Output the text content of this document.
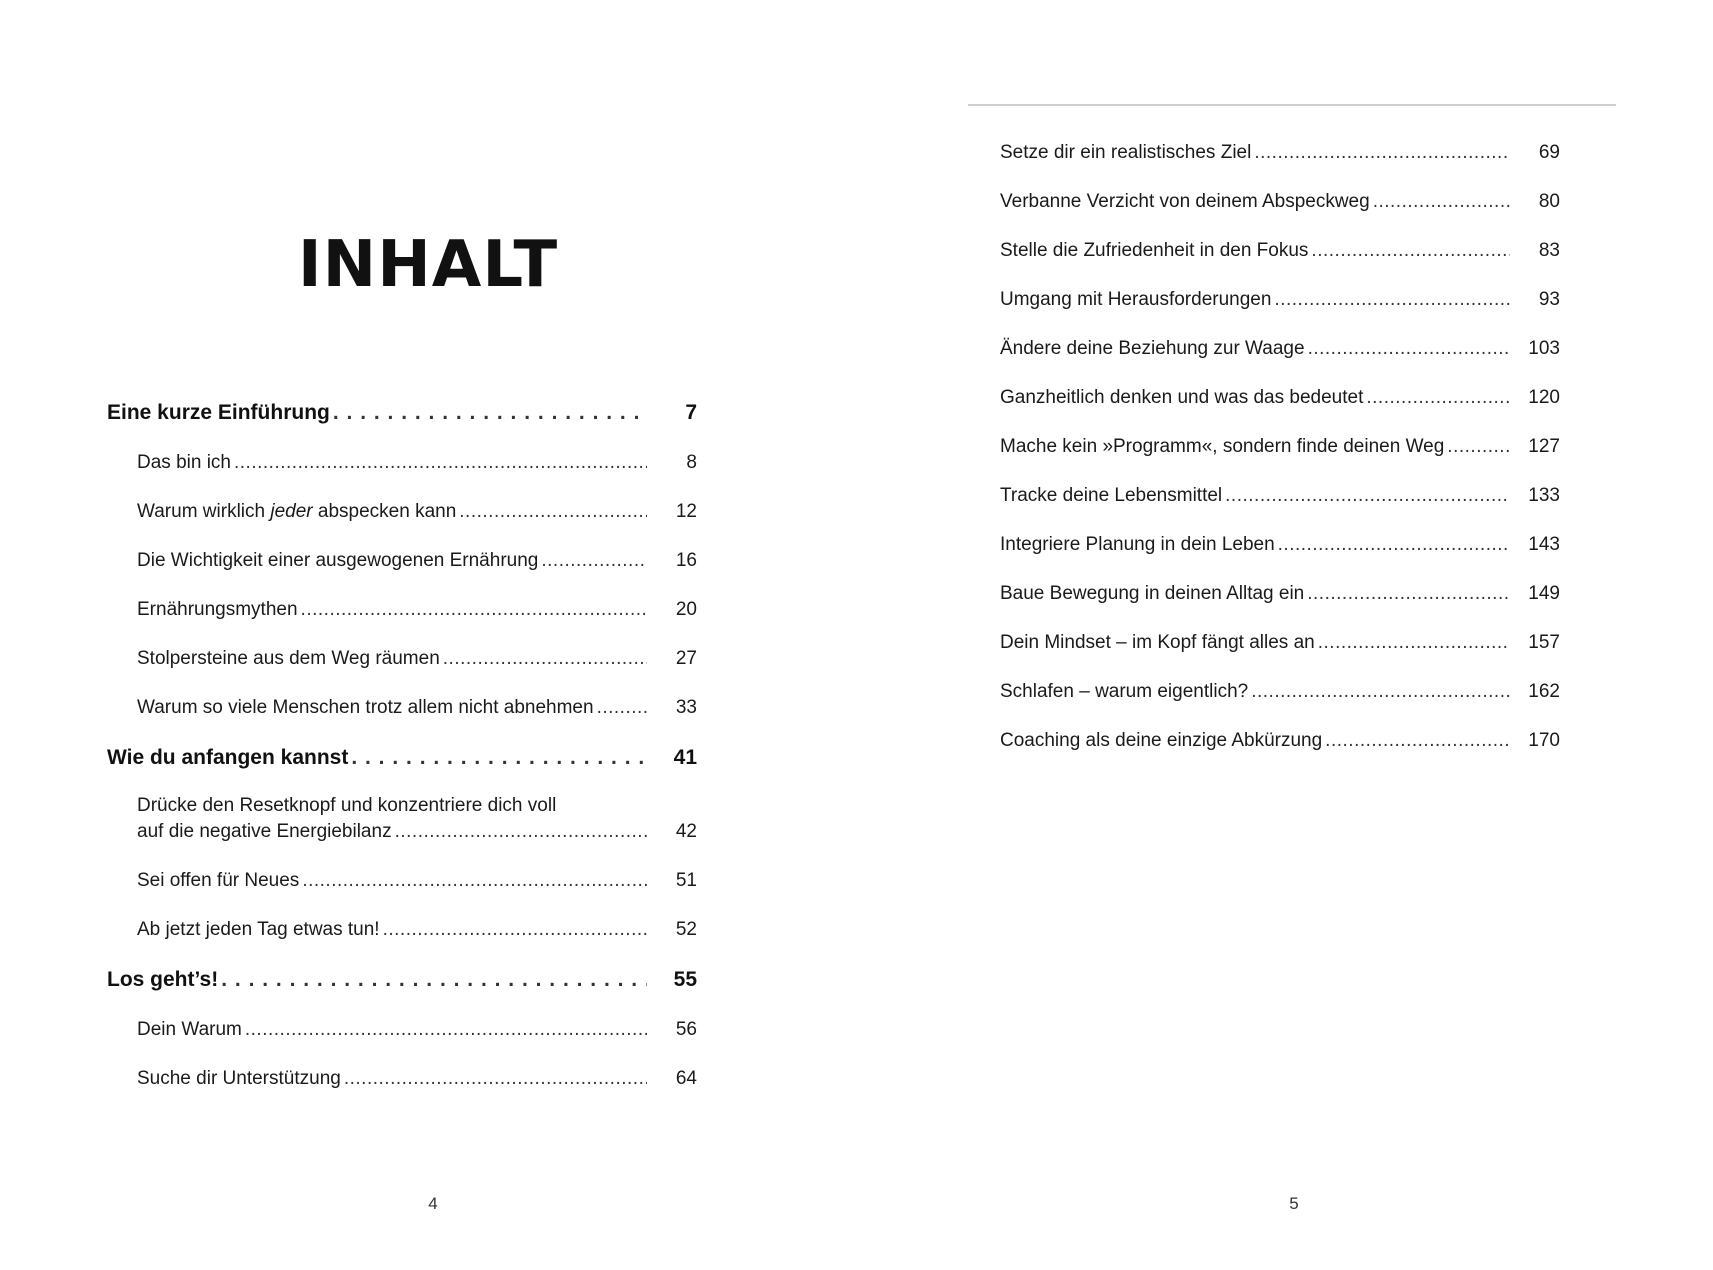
INHALT
Eine kurze Einführung . . .	7
Das bin ich .....	8
Warum wirklich jeder abspecken kann .....	12
Die Wichtigkeit einer ausgewogenen Ernährung .....	16
Ernährungsmythen .....	20
Stolpersteine aus dem Weg räumen .....	27
Warum so viele Menschen trotz allem nicht abnehmen .....	33
Wie du anfangen kannst . . .	41
Drücke den Resetknopf und konzentriere dich voll
auf die negative Energiebilanz .....	42
Sei offen für Neues .....	51
Ab jetzt jeden Tag etwas tun! .....	52
Los geht’s! . . .	55
Dein Warum .....	56
Suche dir Unterstützung .....	64
4
Setze dir ein realistisches Ziel .....	69
Verbanne Verzicht von deinem Abspeckweg .....	80
Stelle die Zufriedenheit in den Fokus .....	83
Umgang mit Herausforderungen .....	93
Ändere deine Beziehung zur Waage .....	103
Ganzheitlich denken und was das bedeutet .....	120
Mache kein »Programm«, sondern finde deinen Weg .....	127
Tracke deine Lebensmittel .....	133
Integriere Planung in dein Leben .....	143
Baue Bewegung in deinen Alltag ein .....	149
Dein Mindset – im Kopf fängt alles an .....	157
Schlafen – warum eigentlich? .....	162
Coaching als deine einzige Abkürzung .....	170
5
